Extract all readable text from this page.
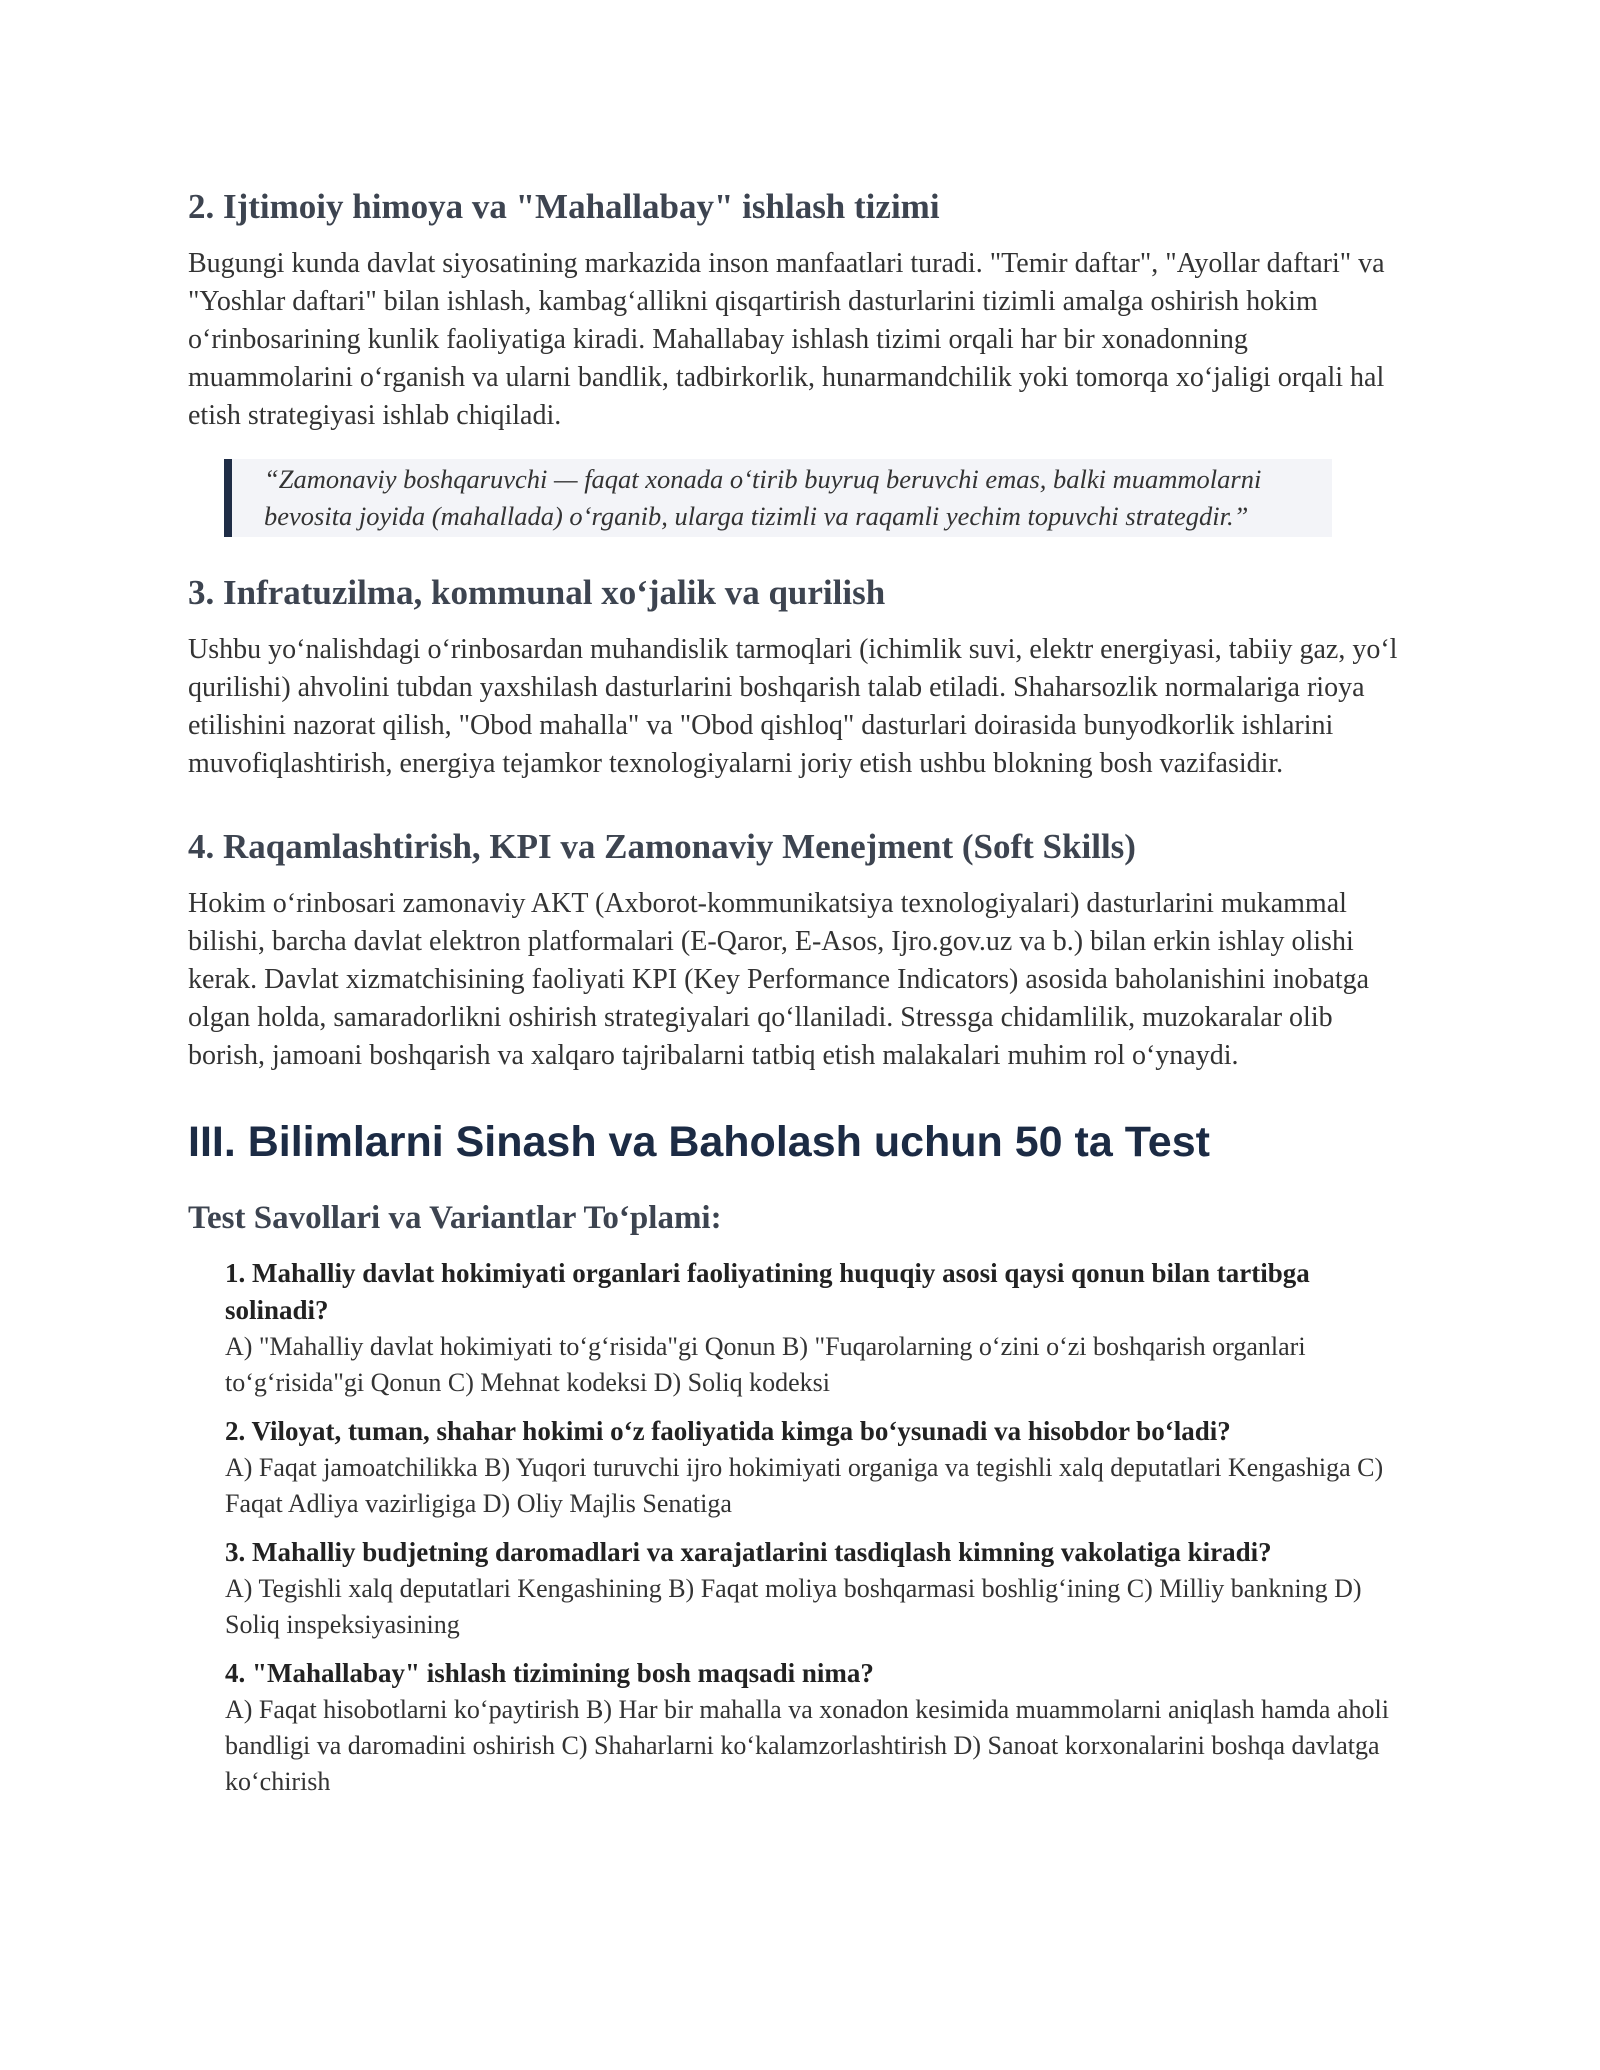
2. Ijtimoiy himoya va "Mahallabay" ishlash tizimi

Bugungi kunda davlat siyosatining markazida inson manfaatlari turadi. "Temir daftar", "Ayollar daftari" va "Yoshlar daftari" bilan ishlash, kambagʻallikni qisqartirish dasturlarini tizimli amalga oshirish hokim oʻrinbosarining kunlik faoliyatiga kiradi. Mahallabay ishlash tizimi orqali har bir xonadonning muammolarini oʻrganish va ularni bandlik, tadbirkorlik, hunarmandchilik yoki tomorqa xoʻjaligi orqali hal etish strategiyasi ishlab chiqiladi.

“Zamonaviy boshqaruvchi — faqat xonada oʻtirib buyruq beruvchi emas, balki muammolarni bevosita joyida (mahallada) oʻrganib, ularga tizimli va raqamli yechim topuvchi strategdir.”

3. Infratuzilma, kommunal xoʻjalik va qurilish

Ushbu yoʻnalishdagi oʻrinbosardan muhandislik tarmoqlari (ichimlik suvi, elektr energiyasi, tabiiy gaz, yoʻl qurilishi) ahvolini tubdan yaxshilash dasturlarini boshqarish talab etiladi. Shaharsozlik normalariga rioya etilishini nazorat qilish, "Obod mahalla" va "Obod qishloq" dasturlari doirasida bunyodkorlik ishlarini muvofiqlashtirish, energiya tejamkor texnologiyalarni joriy etish ushbu blokning bosh vazifasidir.

4. Raqamlashtirish, KPI va Zamonaviy Menejment (Soft Skills)

Hokim oʻrinbosari zamonaviy AKT (Axborot-kommunikatsiya texnologiyalari) dasturlarini mukammal bilishi, barcha davlat elektron platformalari (E-Qaror, E-Asos, Ijro.gov.uz va b.) bilan erkin ishlay olishi kerak. Davlat xizmatchisining faoliyati KPI (Key Performance Indicators) asosida baholanishini inobatga olgan holda, samaradorlikni oshirish strategiyalari qoʻllaniladi. Stressga chidamlilik, muzokaralar olib borish, jamoani boshqarish va xalqaro tajribalarni tatbiq etish malakalari muhim rol oʻynaydi.

III. Bilimlarni Sinash va Baholash uchun 50 ta Test
Test Savollari va Variantlar Toʻplami:

1. Mahalliy davlat hokimiyati organlari faoliyatining huquqiy asosi qaysi qonun bilan tartibga solinadi?

A) "Mahalliy davlat hokimiyati toʻgʻrisida"gi Qonun B) "Fuqarolarning oʻzini oʻzi boshqarish organlari toʻgʻrisida"gi Qonun C) Mehnat kodeksi D) Soliq kodeksi

2. Viloyat, tuman, shahar hokimi oʻz faoliyatida kimga boʻysunadi va hisobdor boʻladi?

A) Faqat jamoatchilikka B) Yuqori turuvchi ijro hokimiyati organiga va tegishli xalq deputatlari Kengashiga C) Faqat Adliya vazirligiga D) Oliy Majlis Senatiga

3. Mahalliy budjetning daromadlari va xarajatlarini tasdiqlash kimning vakolatiga kiradi?

A) Tegishli xalq deputatlari Kengashining B) Faqat moliya boshqarmasi boshligʻining C) Milliy bankning D) Soliq inspeksiyasining

4. "Mahallabay" ishlash tizimining bosh maqsadi nima?

A) Faqat hisobotlarni koʻpaytirish B) Har bir mahalla va xonadon kesimida muammolarni aniqlash hamda aholi bandligi va daromadini oshirish C) Shaharlarni koʻkalamzorlashtirish D) Sanoat korxonalarini boshqa davlatga koʻchirish
